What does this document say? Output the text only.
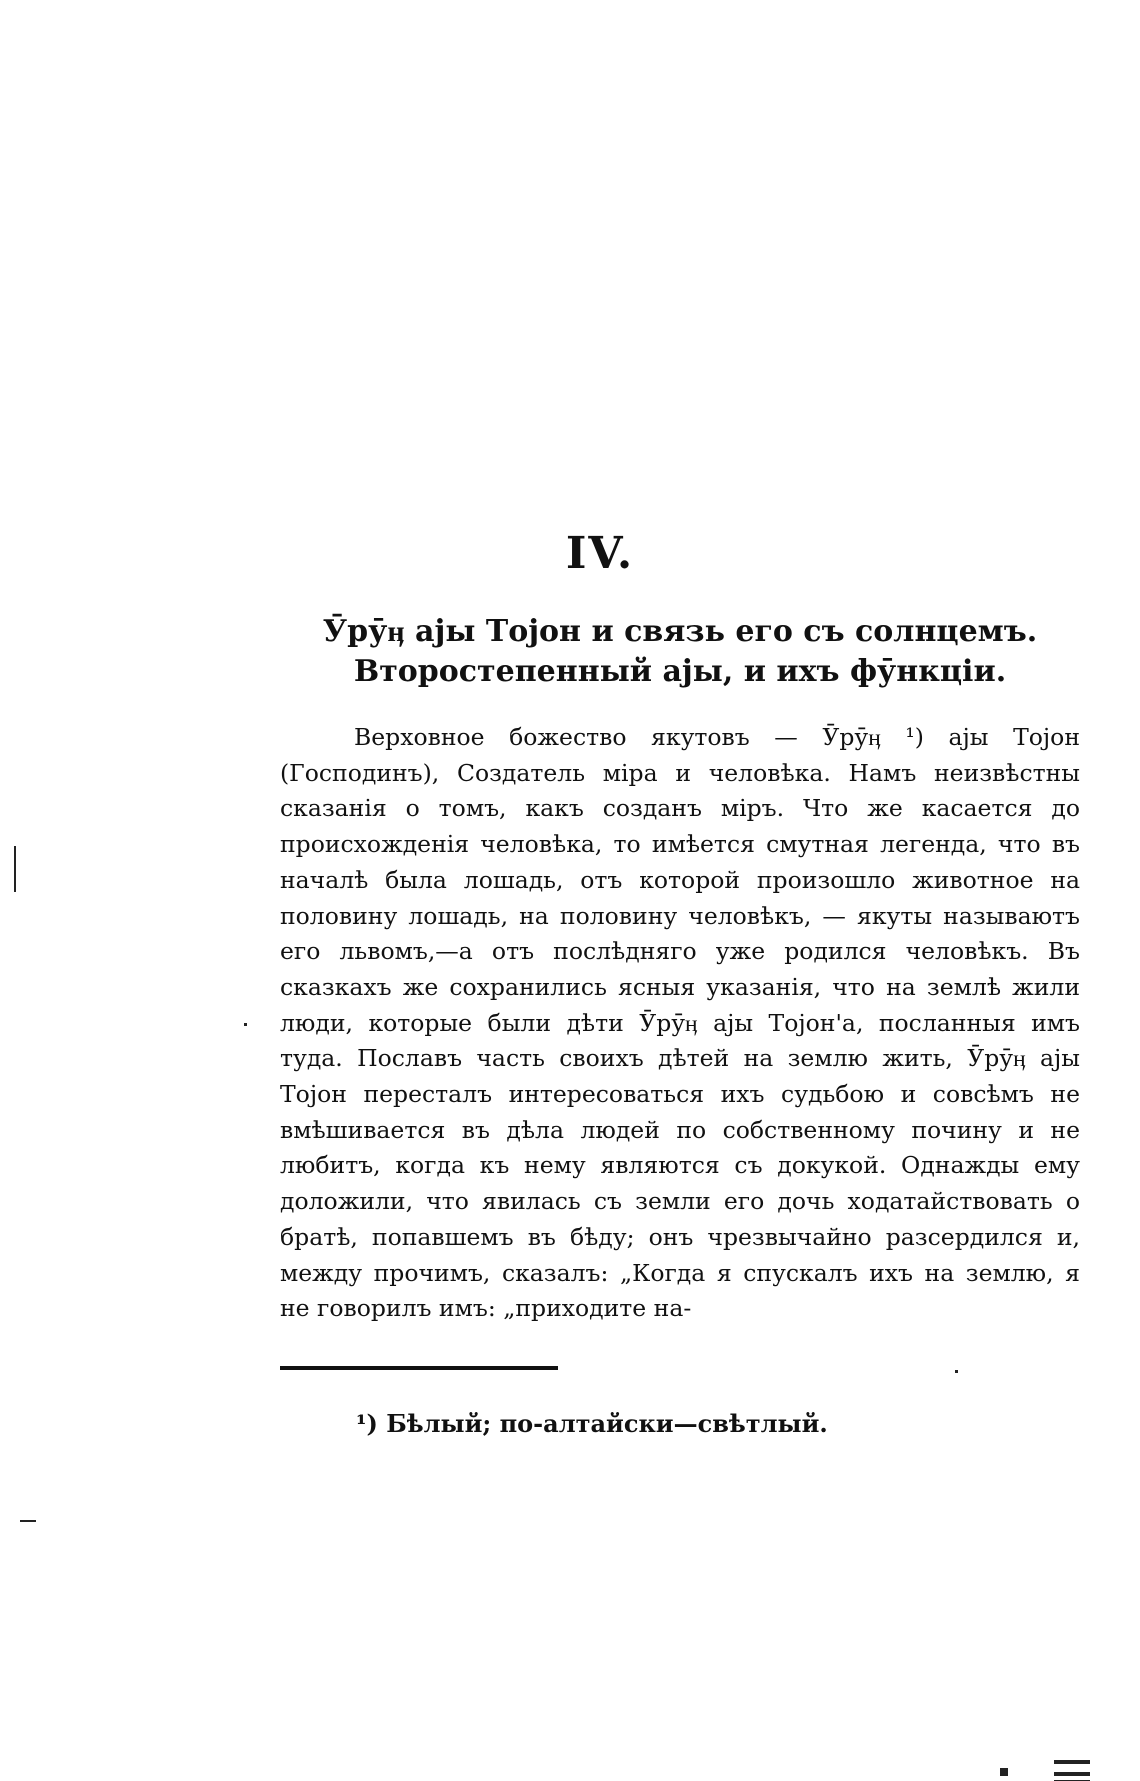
IV.
Ӯрӯӊ ајы Тојон и связь его съ солнцемъ.
Второстепенный ајы, и ихъ фӯнкціи.

Верховное божество якутовъ — Ӯрӯӊ ¹) ајы Тојон (Господинъ), Создатель міра и человѣка. Намъ неизвѣстны сказанія о томъ, какъ созданъ міръ. Что же касается до происхожденія человѣка, то имѣется смутная легенда, что въ началѣ была лошадь, отъ которой произошло животное на половину лошадь, на половину человѣкъ, — якуты называютъ его львомъ,—а отъ послѣдняго уже родился человѣкъ. Въ сказкахъ же сохранились ясныя указанія, что на землѣ жили люди, которые были дѣти Ӯрӯӊ ајы Тојон'а, посланныя имъ туда. Пославъ часть своихъ дѣтей на землю жить, Ӯрӯӊ ајы Тојон пересталъ интересоваться ихъ судьбою и совсѣмъ не вмѣшивается въ дѣла людей по собственному почину и не любитъ, когда къ нему являются съ докукой. Однажды ему доложили, что явилась съ земли его дочь ходатайствовать о братѣ, попавшемъ въ бѣду; онъ чрезвычайно разсердился и, между прочимъ, сказалъ: „Когда я спускалъ ихъ на землю, я не говорилъ имъ: „приходите на-

¹) Бѣлый; по-алтайски—свѣтлый.
